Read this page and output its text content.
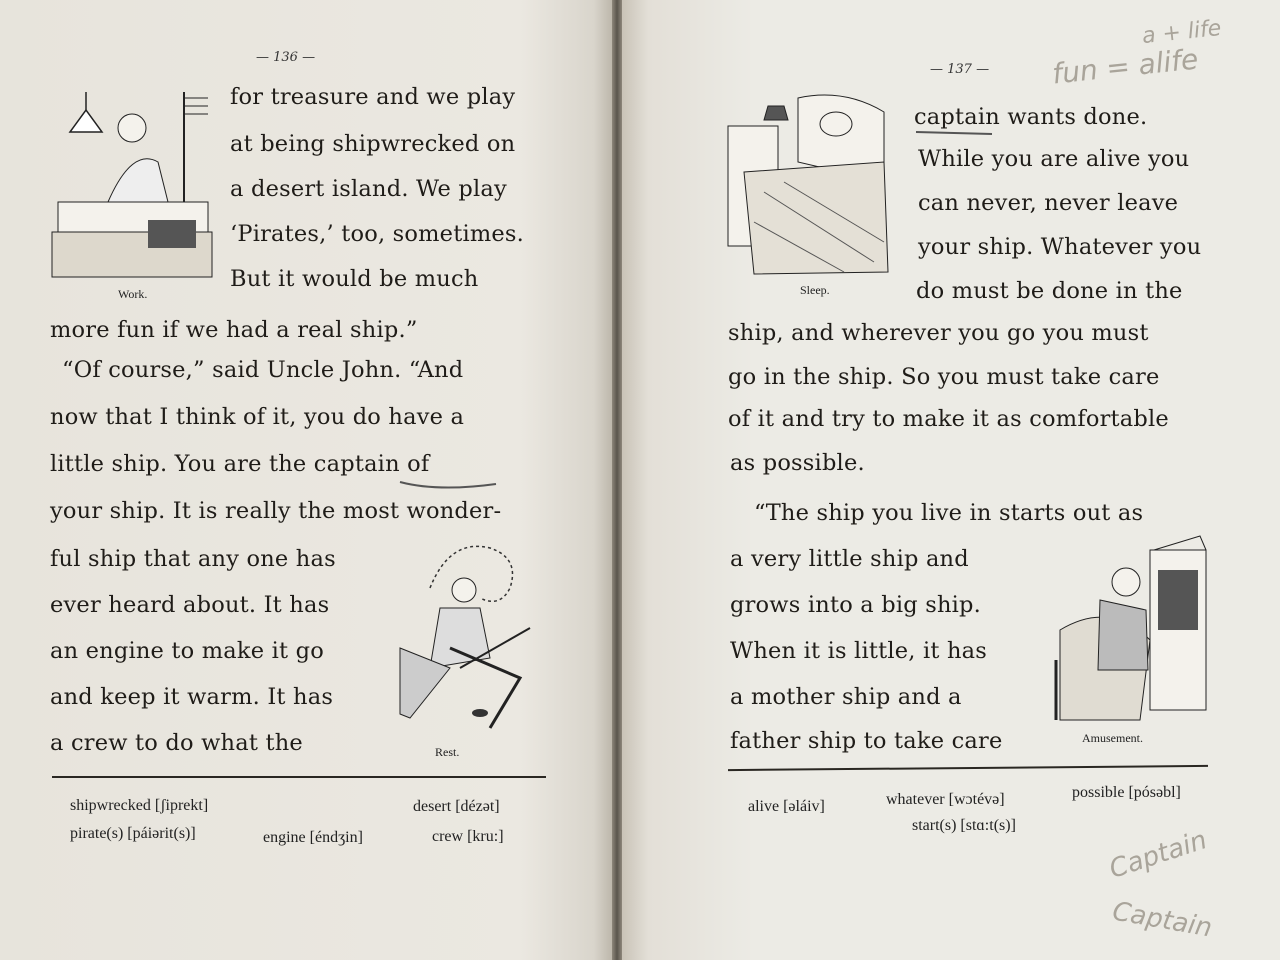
— 136 —
Work.
for treasure and we play
at being shipwrecked on
a desert island. We play
‘Pirates,’ too, sometimes.
But it would be much
more fun if we had a real ship.”
“Of course,” said Uncle John. “And
now that I think of it, you do have a
little ship. You are the captain of
your ship. It is really the most wonder-
ful ship that any one has
ever heard about. It has
an engine to make it go
and keep it warm. It has
a crew to do what the	Rest.
shipwrecked [ʃiprekt]	desert [dézət]
pirate(s) [páiərit(s)]	engine [éndʒin]	crew [kru:]
— 137 —
a + life
fun = alife
Sleep.
captain wants done.
While you are alive you
can never, never leave
your ship. Whatever you
do must be done in the
ship, and wherever you go you must
go in the ship. So you must take care
of it and try to make it as comfortable
as possible.
“The ship you live in starts out as
a very little ship and
grows into a big ship.
When it is little, it has
a mother ship and a
father ship to take care	Amusement.
alive [əláiv]	whatever [wɔtévə]	possible [pósəbl]
start(s) [stɑ:t(s)]	Captain
Captain
